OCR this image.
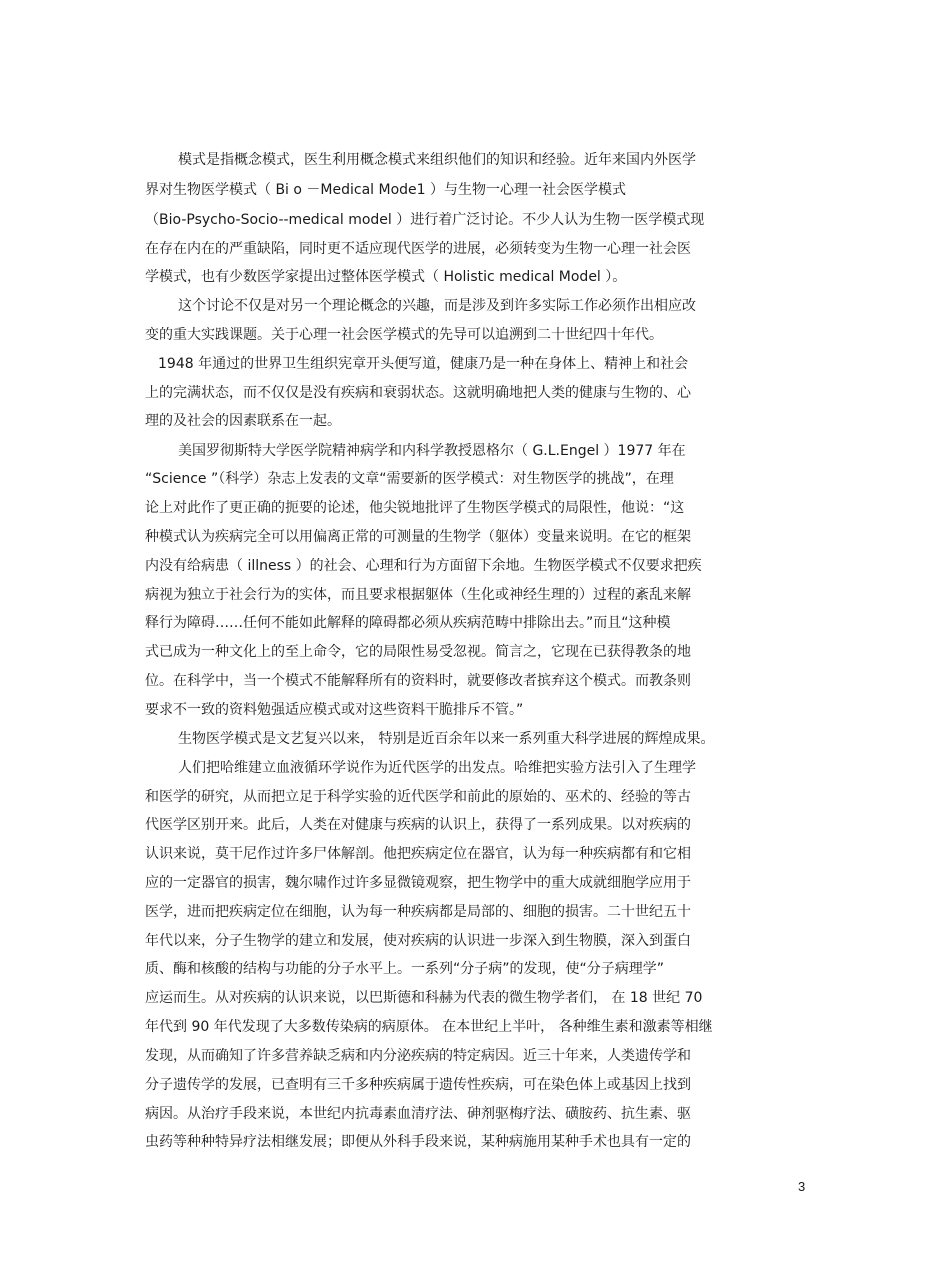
模式是指概念模式，医生利用概念模式来组织他们的知识和经验。近年来国内外医学
界对生物医学模式（ Bi o －Medical Mode1 ）与生物一心理一社会医学模式
（Bio-Psycho-Socio--medical model ）进行着广泛讨论。不少人认为生物一医学模式现
在存在内在的严重缺陷，同时更不适应现代医学的进展，必须转变为生物一心理一社会医
学模式，也有少数医学家提出过整体医学模式（ Holistic medical Model ）。
这个讨论不仅是对另一个理论概念的兴趣，而是涉及到许多实际工作必须作出相应改
变的重大实践课题。关于心理一社会医学模式的先导可以追溯到二十世纪四十年代。
1948 年通过的世界卫生组织宪章开头便写道，健康乃是一种在身体上、精神上和社会
上的完满状态，而不仅仅是没有疾病和衰弱状态。这就明确地把人类的健康与生物的、心
理的及社会的因素联系在一起。
美国罗彻斯特大学医学院精神病学和内科学教授恩格尔（ G.L.Engel ）1977 年在
“Science ”（科学）杂志上发表的文章“需要新的医学模式：对生物医学的挑战”，在理
论上对此作了更正确的扼要的论述，他尖锐地批评了生物医学模式的局限性，他说：“这
种模式认为疾病完全可以用偏离正常的可测量的生物学（躯体）变量来说明。在它的框架
内没有给病患（ illness ）的社会、心理和行为方面留下余地。生物医学模式不仅要求把疾
病视为独立于社会行为的实体，而且要求根据躯体（生化或神经生理的）过程的紊乱来解
释行为障碍……任何不能如此解释的障碍都必须从疾病范畴中排除出去。”而且“这种模
式已成为一种文化上的至上命令，它的局限性易受忽视。简言之，它现在已获得教条的地
位。在科学中，当一个模式不能解释所有的资料时，就要修改者摈弃这个模式。而教条则
要求不一致的资料勉强适应模式或对这些资料干脆排斥不管。”
生物医学模式是文艺复兴以来， 特别是近百余年以来一系列重大科学进展的辉煌成果。
人们把哈维建立血液循环学说作为近代医学的出发点。哈维把实验方法引入了生理学
和医学的研究，从而把立足于科学实验的近代医学和前此的原始的、巫术的、经验的等古
代医学区别开来。此后，人类在对健康与疾病的认识上，获得了一系列成果。以对疾病的
认识来说，莫干尼作过许多尸体解剖。他把疾病定位在器官，认为每一种疾病都有和它相
应的一定器官的损害，魏尔啸作过许多显微镜观察，把生物学中的重大成就细胞学应用于
医学，进而把疾病定位在细胞，认为每一种疾病都是局部的、细胞的损害。二十世纪五十
年代以来，分子生物学的建立和发展，使对疾病的认识进一步深入到生物膜，深入到蛋白
质、酶和核酸的结构与功能的分子水平上。一系列“分子病”的发现，使“分子病理学”
应运而生。从对疾病的认识来说，以巴斯德和科赫为代表的微生物学者们， 在 18 世纪 70
年代到 90 年代发现了大多数传染病的病原体。 在本世纪上半叶， 各种维生素和激素等相继
发现，从而确知了许多营养缺乏病和内分泌疾病的特定病因。近三十年来，人类遗传学和
分子遗传学的发展，已查明有三千多种疾病属于遗传性疾病，可在染色体上或基因上找到
病因。从治疗手段来说，本世纪内抗毒素血清疗法、砷剂驱梅疗法、磺胺药、抗生素、驱
虫药等种种特异疗法相继发展；即便从外科手段来说，某种病施用某种手术也具有一定的
3
